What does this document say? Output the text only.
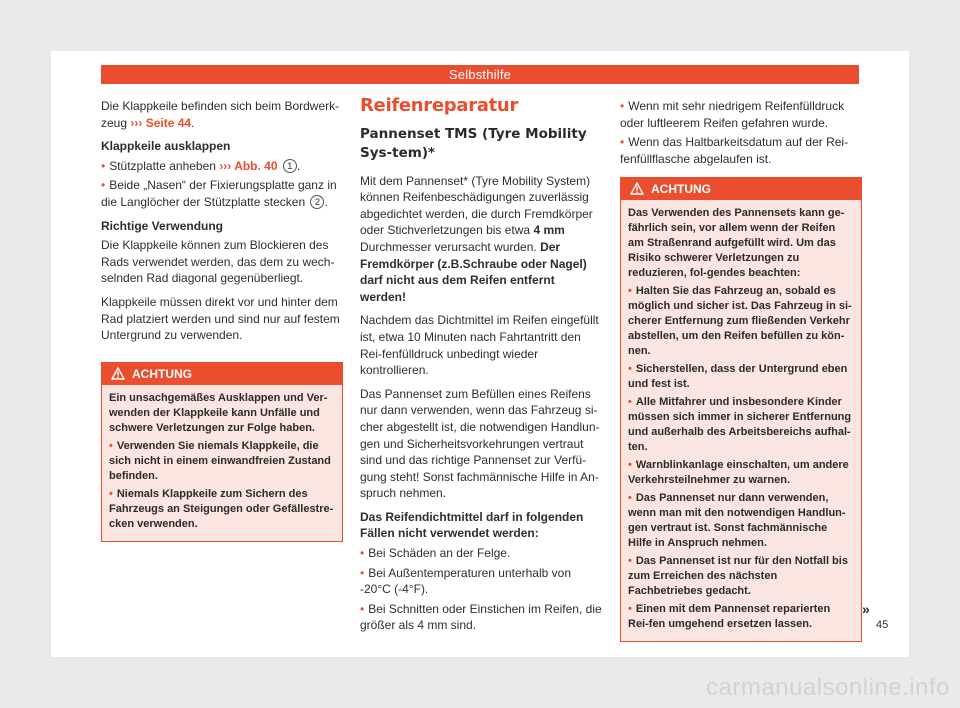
Selbsthilfe

Die Klappkeile befinden sich beim Bordwerk-zeug ››› Seite 44.

Klappkeile ausklappen

• Stützplatte anheben ››› Abb. 40 1 .

• Beide „Nasen“ der Fixierungsplatte ganz in die Langlöcher der Stützplatte stecken 2 .

Richtige Verwendung

Die Klappkeile können zum Blockieren des Rads verwendet werden, das dem zu wech-selnden Rad diagonal gegenüberliegt.

Klappkeile müssen direkt vor und hinter dem Rad platziert werden und sind nur auf festem Untergrund zu verwenden.

ACHTUNG

Ein unsachgemäßes Ausklappen und Ver-wenden der Klappkeile kann Unfälle und schwere Verletzungen zur Folge haben.

• Verwenden Sie niemals Klappkeile, die sich nicht in einem einwandfreien Zustand befinden.

• Niemals Klappkeile zum Sichern des Fahrzeugs an Steigungen oder Gefällestre-cken verwenden.

Reifenreparatur
Pannenset TMS (Tyre Mobility Sys-tem)*

Mit dem Pannenset* (Tyre Mobility System) können Reifenbeschädigungen zuverlässig abgedichtet werden, die durch Fremdkörper oder Stichverletzungen bis etwa 4 mm Durchmesser verursacht wurden. Der Fremdkörper (z.B.Schraube oder Nagel) darf nicht aus dem Reifen entfernt werden!

Nachdem das Dichtmittel im Reifen eingefüllt ist, etwa 10 Minuten nach Fahrtantritt den Rei-fenfülldruck unbedingt wieder kontrollieren.

Das Pannenset zum Befüllen eines Reifens nur dann verwenden, wenn das Fahrzeug si-cher abgestellt ist, die notwendigen Handlun-gen und Sicherheitsvorkehrungen vertraut sind und das richtige Pannenset zur Verfü-gung steht! Sonst fachmännische Hilfe in An-spruch nehmen.

Das Reifendichtmittel darf in folgenden Fällen nicht verwendet werden:

• Bei Schäden an der Felge.

• Bei Außentemperaturen unterhalb von -20°C (-4°F).

• Bei Schnitten oder Einstichen im Reifen, die größer als 4 mm sind.

• Wenn mit sehr niedrigem Reifenfülldruck oder luftleerem Reifen gefahren wurde.

• Wenn das Haltbarkeitsdatum auf der Rei-fenfüllflasche abgelaufen ist.

ACHTUNG

Das Verwenden des Pannensets kann ge-fährlich sein, vor allem wenn der Reifen am Straßenrand aufgefüllt wird. Um das Risiko schwerer Verletzungen zu reduzieren, fol-gendes beachten:

• Halten Sie das Fahrzeug an, sobald es möglich und sicher ist. Das Fahrzeug in si-cherer Entfernung zum fließenden Verkehr abstellen, um den Reifen befüllen zu kön-nen.

• Sicherstellen, dass der Untergrund eben und fest ist.

• Alle Mitfahrer und insbesondere Kinder müssen sich immer in sicherer Entfernung und außerhalb des Arbeitsbereichs aufhal-ten.

• Warnblinkanlage einschalten, um andere Verkehrsteilnehmer zu warnen.

• Das Pannenset nur dann verwenden, wenn man mit den notwendigen Handlun-gen vertraut ist. Sonst fachmännische Hilfe in Anspruch nehmen.

• Das Pannenset ist nur für den Notfall bis zum Erreichen des nächsten Fachbetriebes gedacht.

• Einen mit dem Pannenset reparierten Rei-fen umgehend ersetzen lassen.

»
45
carmanualsonline.info
